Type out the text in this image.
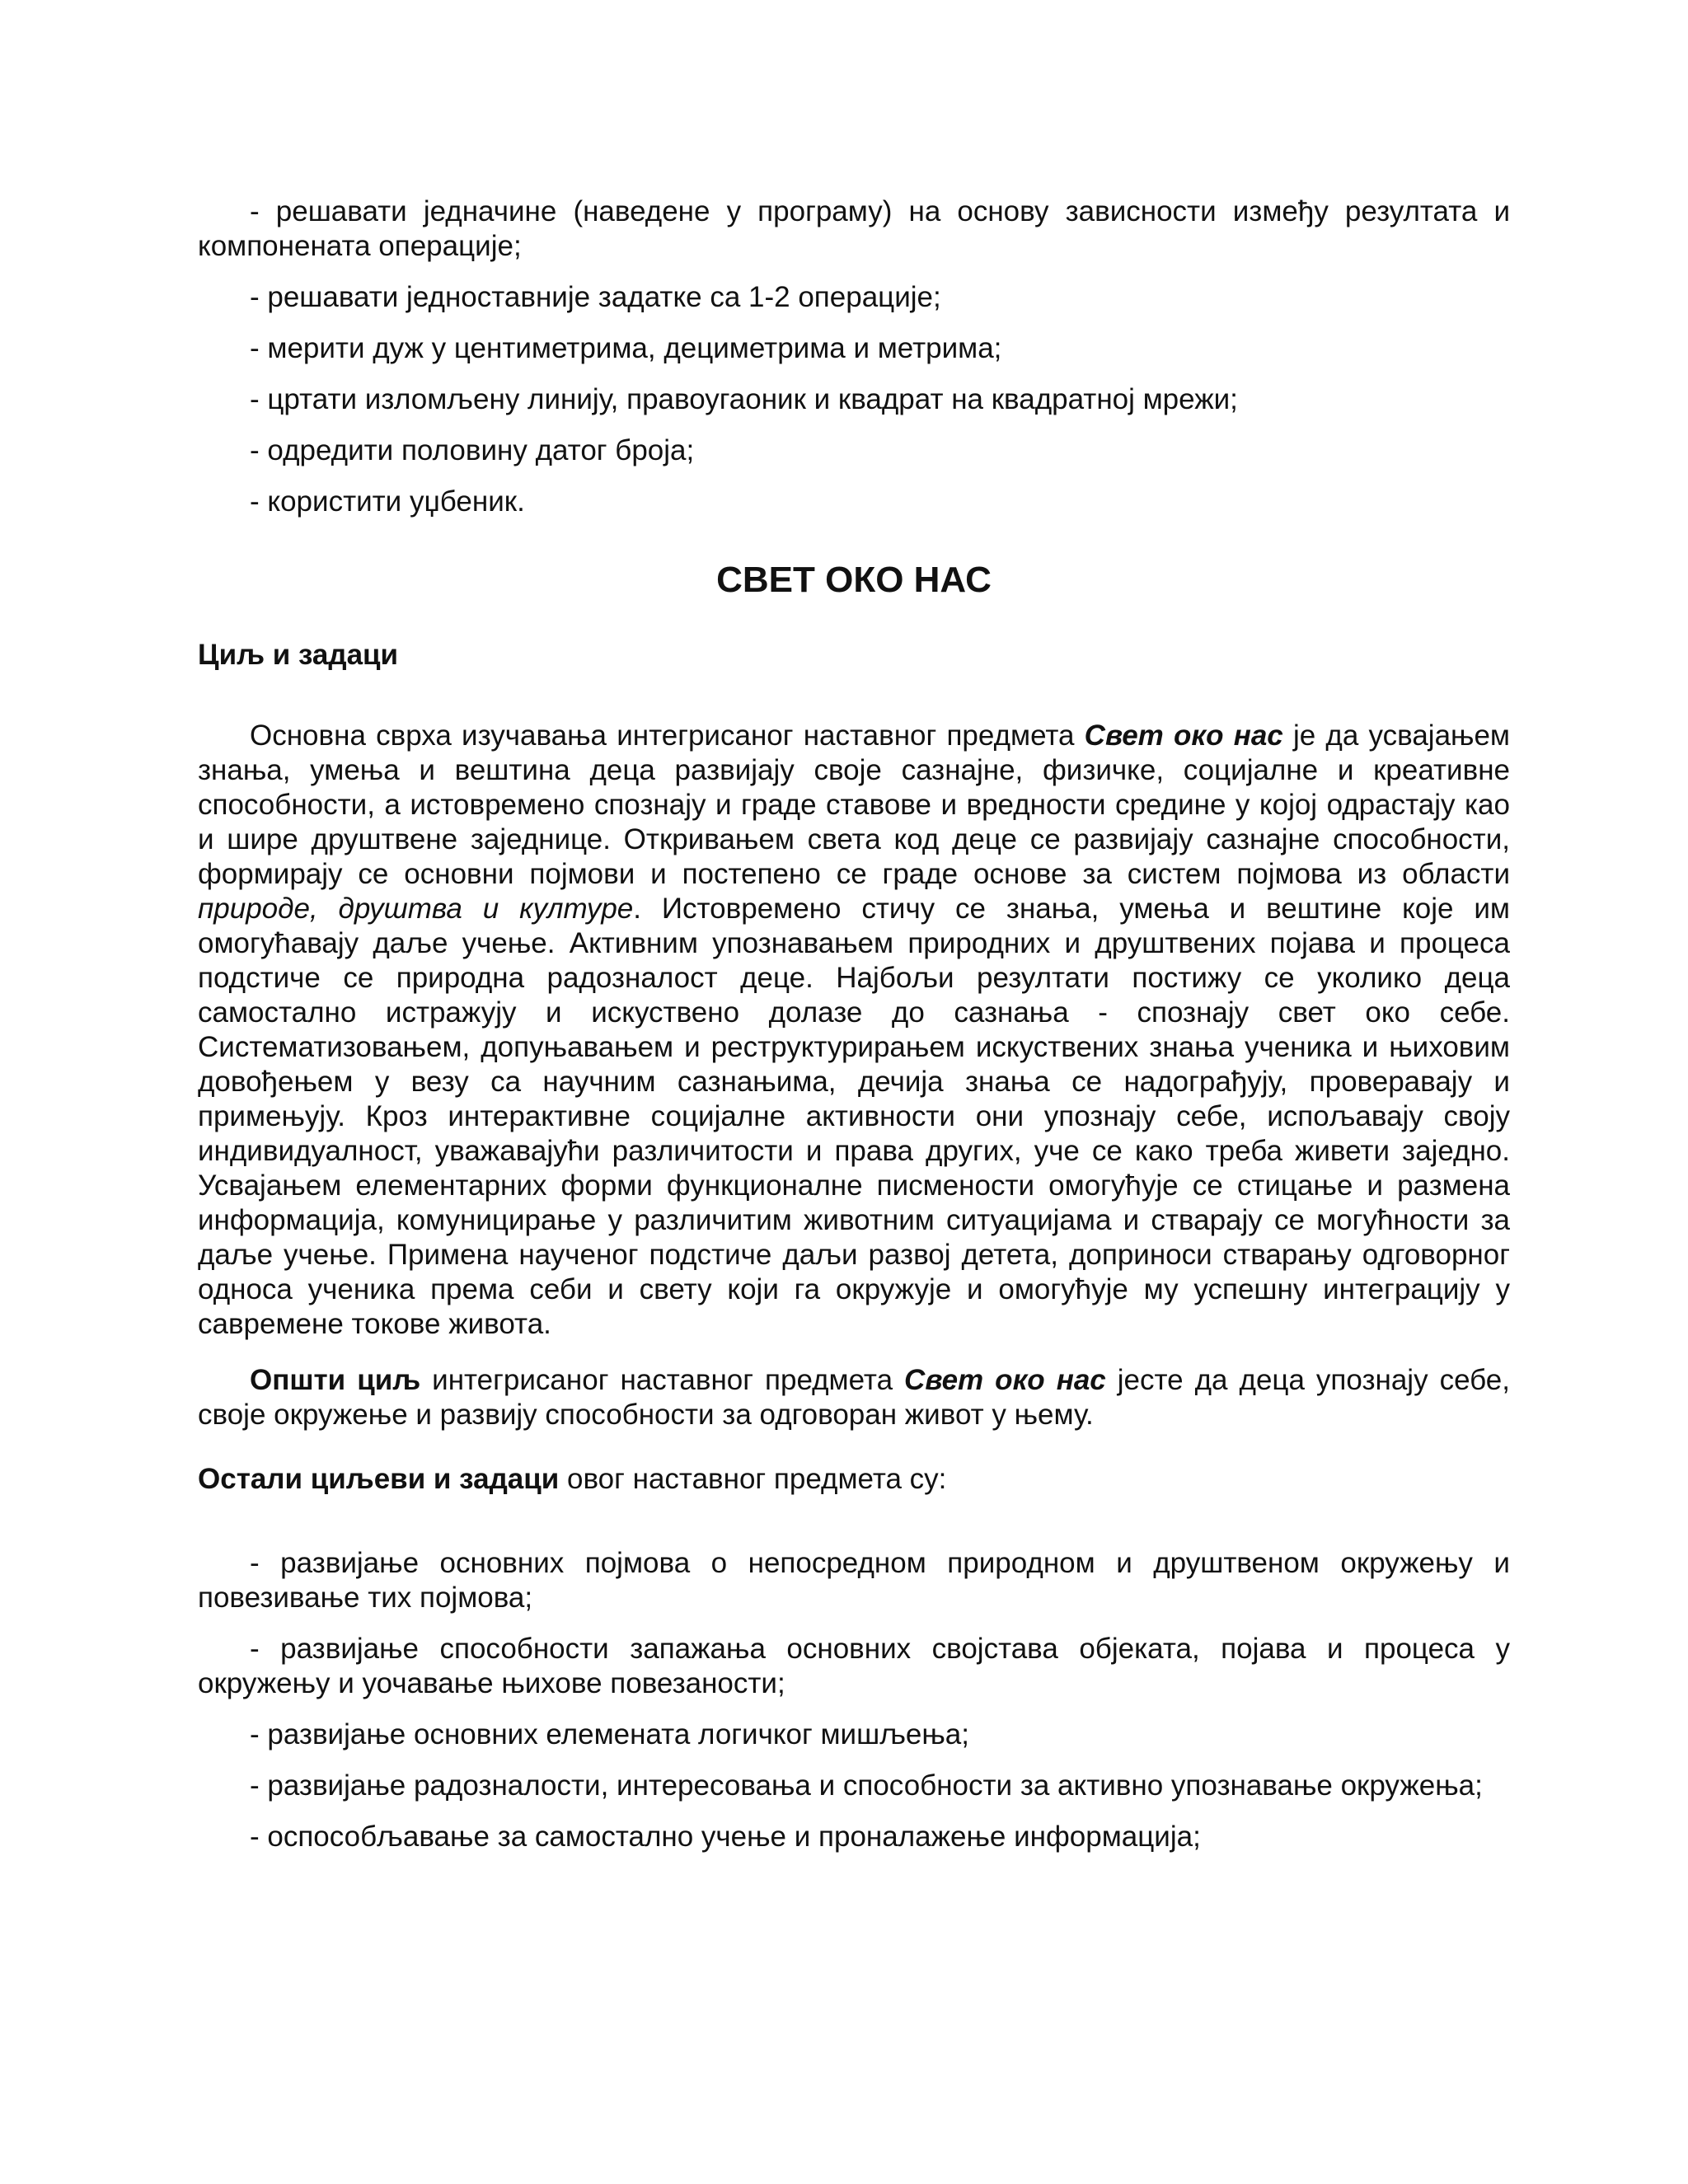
- решавати једначине (наведене у програму) на основу зависности између резултата и компонената операције;

- решавати једноставније задатке са 1-2 операције;

- мерити дуж у центиметрима, дециметрима и метрима;

- цртати изломљену линију, правоугаоник и квадрат на квадратној мрежи;

- одредити половину датог броја;

- користити уџбеник.

СВЕТ ОКО НАС
Циљ и задаци

Основна сврха изучавања интегрисаног наставног предмета Свет око нас је да усвајањем знања, умења и вештина деца развијају своје сазнајне, физичке, социјалне и креативне способности, а истовремено спознају и граде ставове и вредности средине у којој одрастају као и шире друштвене заједнице. Откривањем света код деце се развијају сазнајне способности, формирају се основни појмови и постепено се граде основе за систем појмова из области природе, друштва и културе. Истовремено стичу се знања, умења и вештине које им омогућавају даље учење. Активним упознавањем природних и друштвених појава и процеса подстиче се природна радозналост деце. Најбољи резултати постижу се уколико деца самостално истражују и искуствено долазе до сазнања - спознају свет око себе. Систематизовањем, допуњавањем и реструктурирањем искуствених знања ученика и њиховим довођењем у везу са научним сазнањима, дечија знања се надограђују, проверавају и примењују. Кроз интерактивне социјалне активности они упознају себе, испољавају своју индивидуалност, уважавајући различитости и права других, уче се како треба живети заједно. Усвајањем елементарних форми функционалне писмености омогућује се стицање и размена информација, комуницирање у различитим животним ситуацијама и стварају се могућности за даље учење. Примена наученог подстиче даљи развој детета, доприноси стварању одговорног односа ученика према себи и свету који га окружује и омогућује му успешну интеграцију у савремене токове живота.

Општи циљ интегрисаног наставног предмета Свет око нас јесте да деца упознају себе, своје окружење и развију способности за одговоран живот у њему.

Остали циљеви и задаци овог наставног предмета су:

- развијање основних појмова о непосредном природном и друштвеном окружењу и повезивање тих појмова;

- развијање способности запажања основних својстава објеката, појава и процеса у окружењу и уочавање њихове повезаности;

- развијање основних елемената логичког мишљења;

- развијање радозналости, интересовања и способности за активно упознавање окружења;

- оспособљавање за самостално учење и проналажење информација;
